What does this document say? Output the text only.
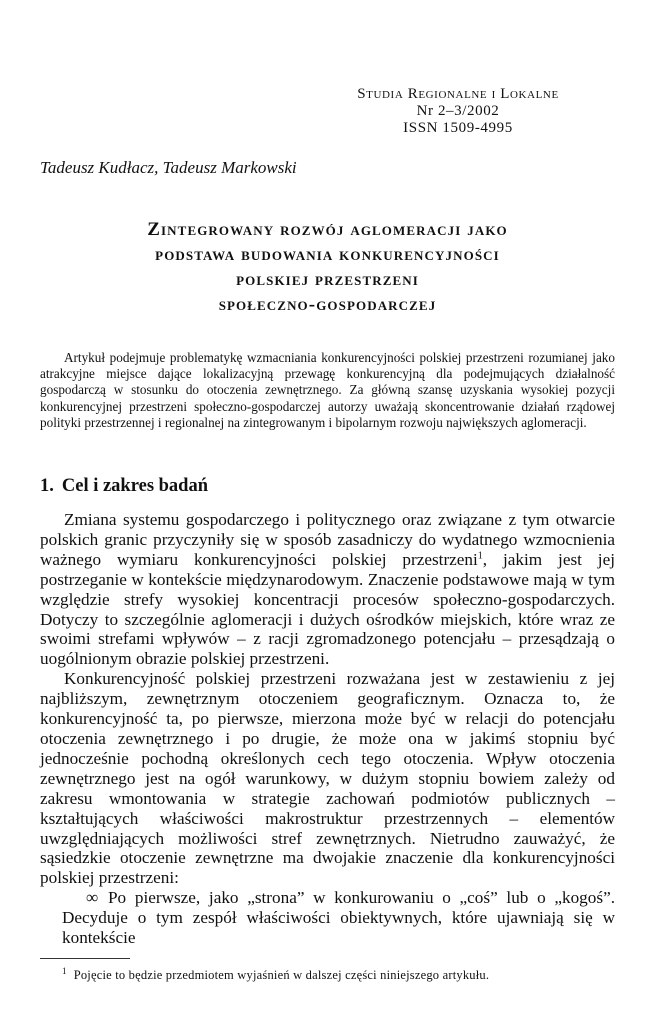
Studia Regionalne i Lokalne
Nr 2–3/2002
ISSN 1509-4995
Tadeusz Kudłacz, Tadeusz Markowski
Zintegrowany rozwój aglomeracji jako
podstawa budowania konkurencyjności
polskiej przestrzeni
społeczno-gospodarczej

Artykuł podejmuje problematykę wzmacniania konkurencyjności polskiej przestrzeni rozumianej jako atrakcyjne miejsce dające lokalizacyjną przewagę konkurencyjną dla podejmujących działalność gospodarczą w stosunku do otoczenia zewnętrznego. Za główną szansę uzyskania wysokiej pozycji konkurencyjnej przestrzeni społeczno-gospodarczej autorzy uważają skoncentrowanie działań rządowej polityki przestrzennej i regionalnej na zintegrowanym i bipolarnym rozwoju największych aglomeracji.

1. Cel i zakres badań

Zmiana systemu gospodarczego i politycznego oraz związane z tym otwarcie polskich granic przyczyniły się w sposób zasadniczy do wydatnego wzmocnienia ważnego wymiaru konkurencyjności polskiej przestrzeni$^1$, jakim jest jej postrzeganie w kontekście międzynarodowym. Znaczenie podstawowe mają w tym względzie strefy wysokiej koncentracji procesów społeczno-gospodarczych. Dotyczy to szczególnie aglomeracji i dużych ośrodków miejskich, które wraz ze swoimi strefami wpływów – z racji zgromadzonego potencjału – przesądzają o uogólnionym obrazie polskiej przestrzeni.

Konkurencyjność polskiej przestrzeni rozważana jest w zestawieniu z jej najbliższym, zewnętrznym otoczeniem geograficznym. Oznacza to, że konkurencyjność ta, po pierwsze, mierzona może być w relacji do potencjału otoczenia zewnętrznego i po drugie, że może ona w jakimś stopniu być jednocześnie pochodną określonych cech tego otoczenia. Wpływ otoczenia zewnętrznego jest na ogół warunkowy, w dużym stopniu bowiem zależy od zakresu wmontowania w strategie zachowań podmiotów publicznych – kształtujących właściwości makrostruktur przestrzennych – elementów uwzględniających możliwości stref zewnętrznych. Nietrudno zauważyć, że sąsiedzkie otoczenie zewnętrzne ma dwojakie znaczenie dla konkurencyjności polskiej przestrzeni:

∞ Po pierwsze, jako „strona” w konkurowaniu o „coś” lub o „kogoś”. Decyduje o tym zespół właściwości obiektywnych, które ujawniają się w kontekście

$^1$ Pojęcie to będzie przedmiotem wyjaśnień w dalszej części niniejszego artykułu.
